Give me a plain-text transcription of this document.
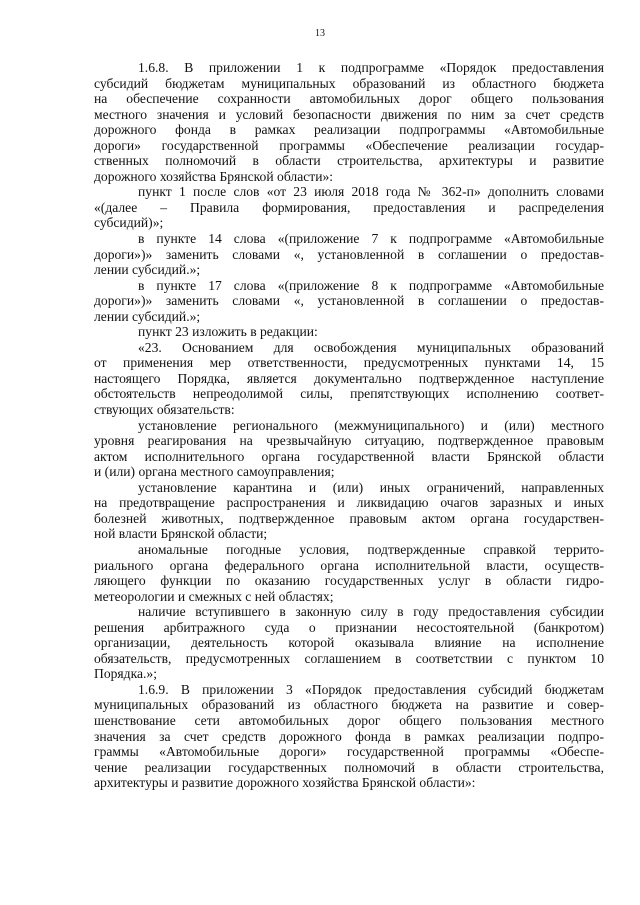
13
1.6.8. В приложении 1 к подпрограмме «Порядок предоставления
субсидий бюджетам муниципальных образований из областного бюджета
на обеспечение сохранности автомобильных дорог общего пользования
местного значения и условий безопасности движения по ним за счет средств
дорожного фонда в рамках реализации подпрограммы «Автомобильные
дороги» государственной программы «Обеспечение реализации государ-
ственных полномочий в области строительства, архитектуры и развитие
дорожного хозяйства Брянской области»:
пункт 1 после слов «от 23 июля 2018 года № 362-п» дополнить словами
«(далее – Правила формирования, предоставления и распределения
субсидий)»;
в пункте 14 слова «(приложение 7 к подпрограмме «Автомобильные
дороги»)» заменить словами «, установленной в соглашении о предостав-
лении субсидий.»;
в пункте 17 слова «(приложение 8 к подпрограмме «Автомобильные
дороги»)» заменить словами «, установленной в соглашении о предостав-
лении субсидий.»;
пункт 23 изложить в редакции:
«23. Основанием для освобождения муниципальных образований
от применения мер ответственности, предусмотренных пунктами 14, 15
настоящего Порядка, является документально подтвержденное наступление
обстоятельств непреодолимой силы, препятствующих исполнению соответ-
ствующих обязательств:
установление регионального (межмуниципального) и (или) местного
уровня реагирования на чрезвычайную ситуацию, подтвержденное правовым
актом исполнительного органа государственной власти Брянской области
и (или) органа местного самоуправления;
установление карантина и (или) иных ограничений, направленных
на предотвращение распространения и ликвидацию очагов заразных и иных
болезней животных, подтвержденное правовым актом органа государствен-
ной власти Брянской области;
аномальные погодные условия, подтвержденные справкой террито-
риального органа федерального органа исполнительной власти, осуществ-
ляющего функции по оказанию государственных услуг в области гидро-
метеорологии и смежных с ней областях;
наличие вступившего в законную силу в году предоставления субсидии
решения арбитражного суда о признании несостоятельной (банкротом)
организации, деятельность которой оказывала влияние на исполнение
обязательств, предусмотренных соглашением в соответствии с пунктом 10
Порядка.»;
1.6.9. В приложении 3 «Порядок предоставления субсидий бюджетам
муниципальных образований из областного бюджета на развитие и совер-
шенствование сети автомобильных дорог общего пользования местного
значения за счет средств дорожного фонда в рамках реализации подпро-
граммы «Автомобильные дороги» государственной программы «Обеспе-
чение реализации государственных полномочий в области строительства,
архитектуры и развитие дорожного хозяйства Брянской области»:
